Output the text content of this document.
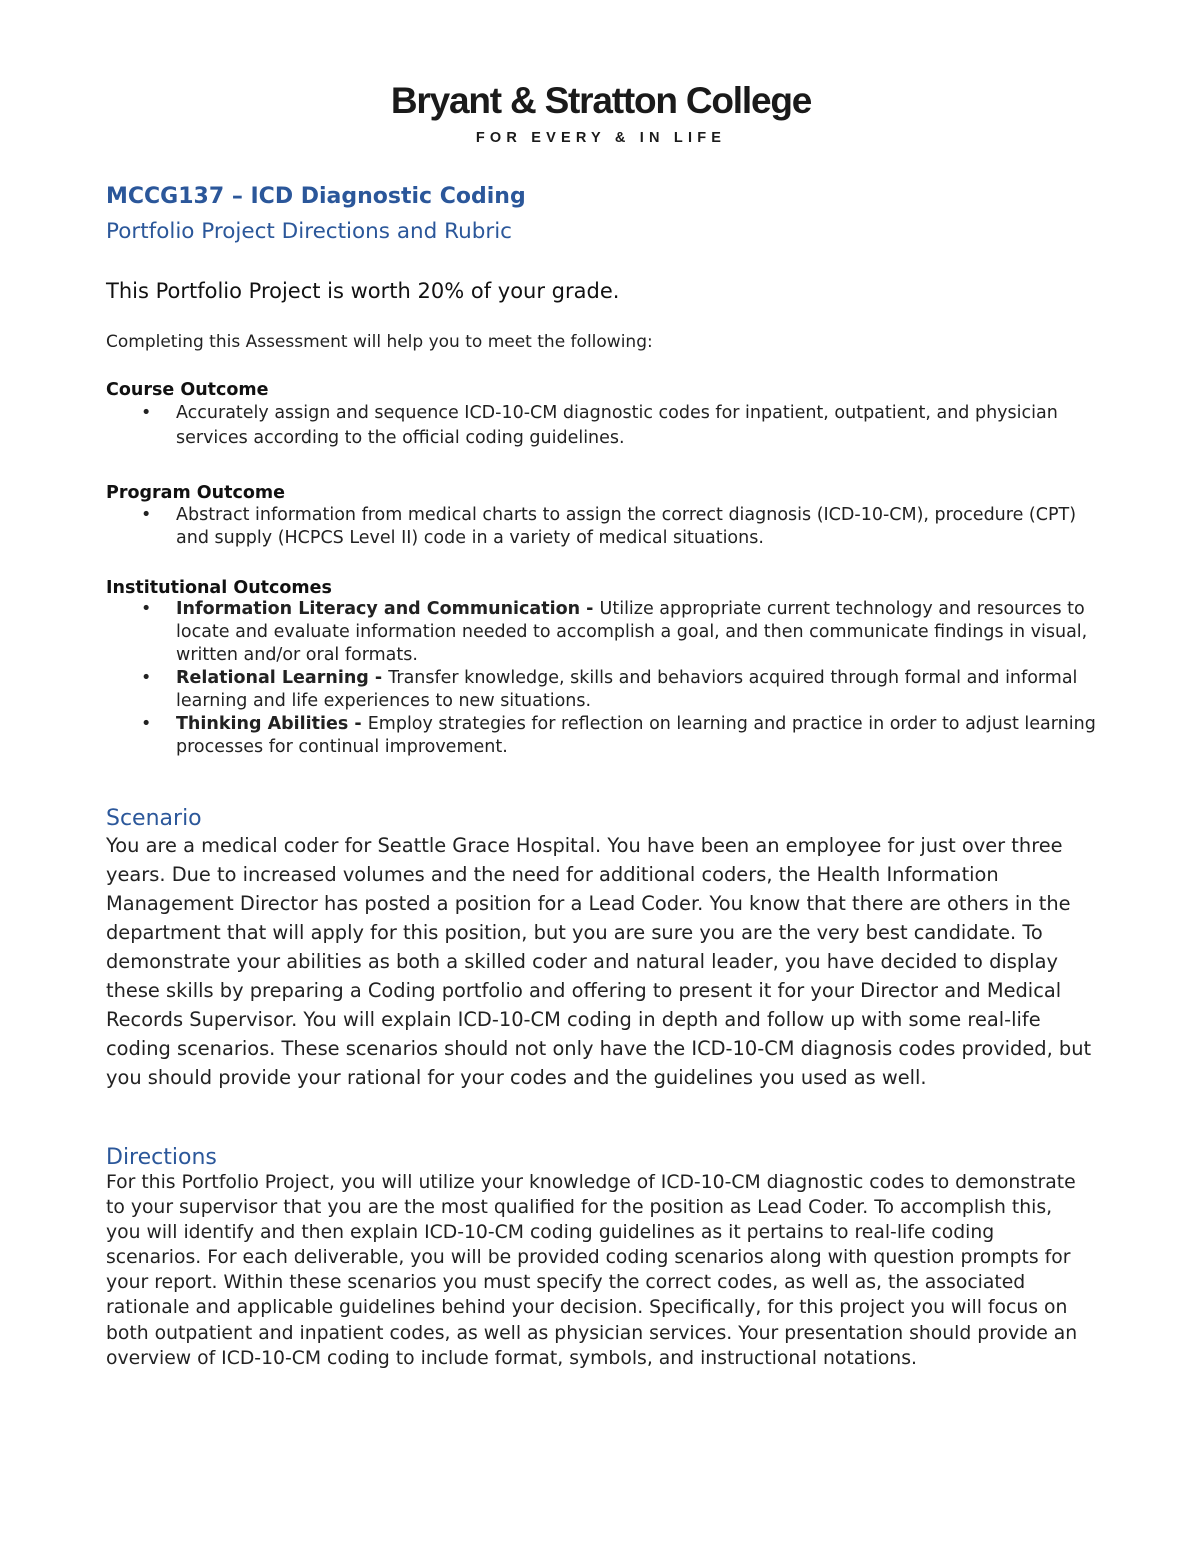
Bryant & Stratton College
FOR EVERY & IN LIFE
MCCG137 – ICD Diagnostic Coding
Portfolio Project Directions and Rubric
This Portfolio Project is worth 20% of your grade.
Completing this Assessment will help you to meet the following:
Course Outcome
• Accurately assign and sequence ICD-10-CM diagnostic codes for inpatient, outpatient, and physician services according to the official coding guidelines.
Program Outcome
• Abstract information from medical charts to assign the correct diagnosis (ICD-10-CM), procedure (CPT) and supply (HCPCS Level II) code in a variety of medical situations.
Institutional Outcomes
• Information Literacy and Communication - Utilize appropriate current technology and resources to locate and evaluate information needed to accomplish a goal, and then communicate findings in visual, written and/or oral formats.
• Relational Learning - Transfer knowledge, skills and behaviors acquired through formal and informal learning and life experiences to new situations.
• Thinking Abilities - Employ strategies for reflection on learning and practice in order to adjust learning processes for continual improvement.
Scenario
You are a medical coder for Seattle Grace Hospital. You have been an employee for just over three years. Due to increased volumes and the need for additional coders, the Health Information Management Director has posted a position for a Lead Coder. You know that there are others in the department that will apply for this position, but you are sure you are the very best candidate. To demonstrate your abilities as both a skilled coder and natural leader, you have decided to display these skills by preparing a Coding portfolio and offering to present it for your Director and Medical Records Supervisor. You will explain ICD-10-CM coding in depth and follow up with some real-life coding scenarios. These scenarios should not only have the ICD-10-CM diagnosis codes provided, but you should provide your rational for your codes and the guidelines you used as well.
Directions
For this Portfolio Project, you will utilize your knowledge of ICD-10-CM diagnostic codes to demonstrate to your supervisor that you are the most qualified for the position as Lead Coder. To accomplish this, you will identify and then explain ICD-10-CM coding guidelines as it pertains to real-life coding scenarios. For each deliverable, you will be provided coding scenarios along with question prompts for your report. Within these scenarios you must specify the correct codes, as well as, the associated rationale and applicable guidelines behind your decision. Specifically, for this project you will focus on both outpatient and inpatient codes, as well as physician services. Your presentation should provide an overview of ICD-10-CM coding to include format, symbols, and instructional notations.
